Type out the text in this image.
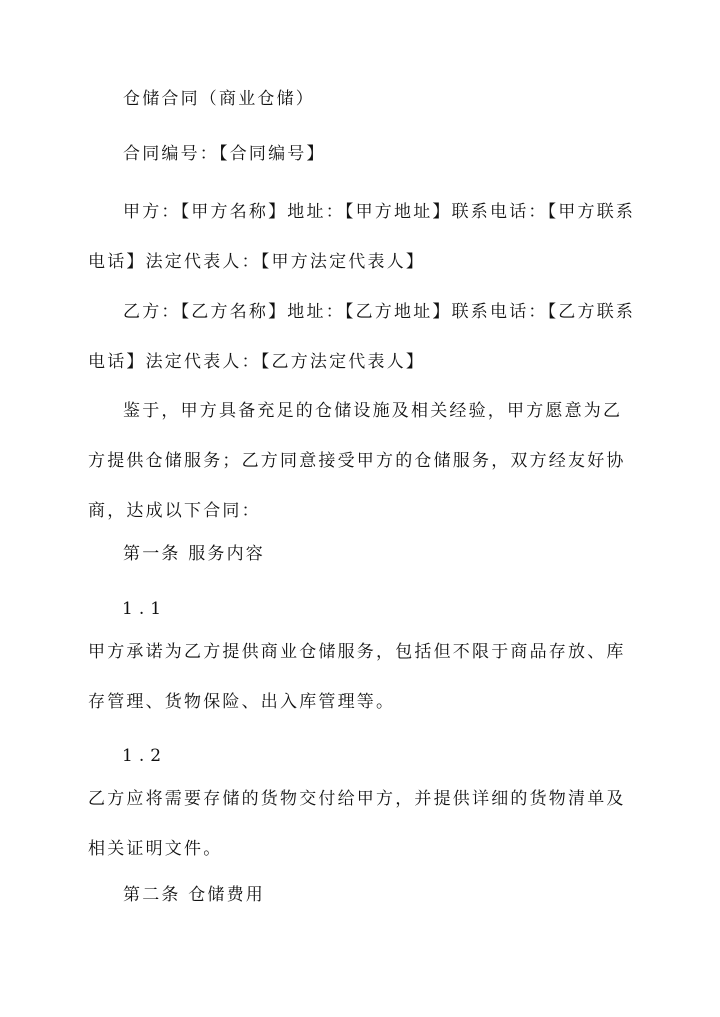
仓储合同（商业仓储）

合同编号：【合同编号】

甲方：【甲方名称】地址：【甲方地址】联系电话：【甲方联系电话】法定代表人：【甲方法定代表人】

乙方：【乙方名称】地址：【乙方地址】联系电话：【乙方联系电话】法定代表人：【乙方法定代表人】

鉴于，甲方具备充足的仓储设施及相关经验，甲方愿意为乙方提供仓储服务；乙方同意接受甲方的仓储服务，双方经友好协商，达成以下合同：

第一条 服务内容

1.1

甲方承诺为乙方提供商业仓储服务，包括但不限于商品存放、库存管理、货物保险、出入库管理等。

1.2

乙方应将需要存储的货物交付给甲方，并提供详细的货物清单及相关证明文件。

第二条 仓储费用
